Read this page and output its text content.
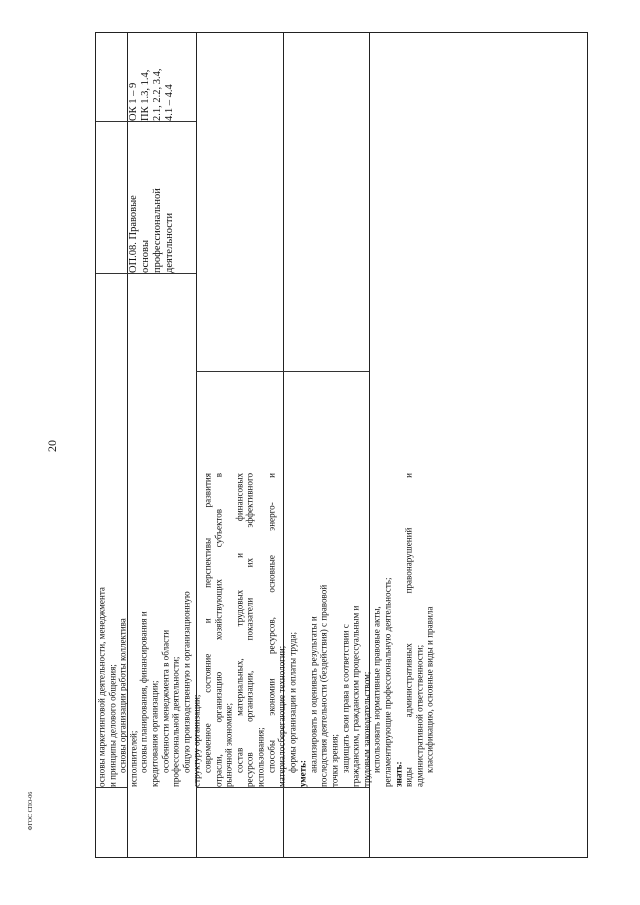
20
основы маркетинговой деятельности, менеджмента и принципы делового общения; основы организации работы коллектива исполнителей; основы планирования, финансирования и кредитования организации; особенности менеджмента в области профессиональной деятельности; общую производственную и организационную структуру организации; современное состояние и перспективы развития отрасли, организацию хозяйствующих субъектов в рыночной экономике; состав материальных, трудовых и финансовых ресурсов организации, показатели их эффективного использования; способы экономии ресурсов, основные энерго- и материалосберегающие технологии; формы организации и оплаты труда;
уметь:
анализировать и оценивать результаты и последствия деятельности (бездействия) с правовой точки зрения; защищать свои права в соответствии с гражданским, гражданским процессуальным и трудовым законодательством; использовать нормативные правовые акты, регламентирующие профессиональную деятельность; знать: виды административных правонарушений и административной ответственности; классификацию, основные виды и правила
ОП.08. Правовые основы профессиональной деятельности
ОК 1 – 9 ПК 1.3, 1.4, 2.1, 2.2, 3.4, 4.1 – 4.4
ФГОС СПО-06
